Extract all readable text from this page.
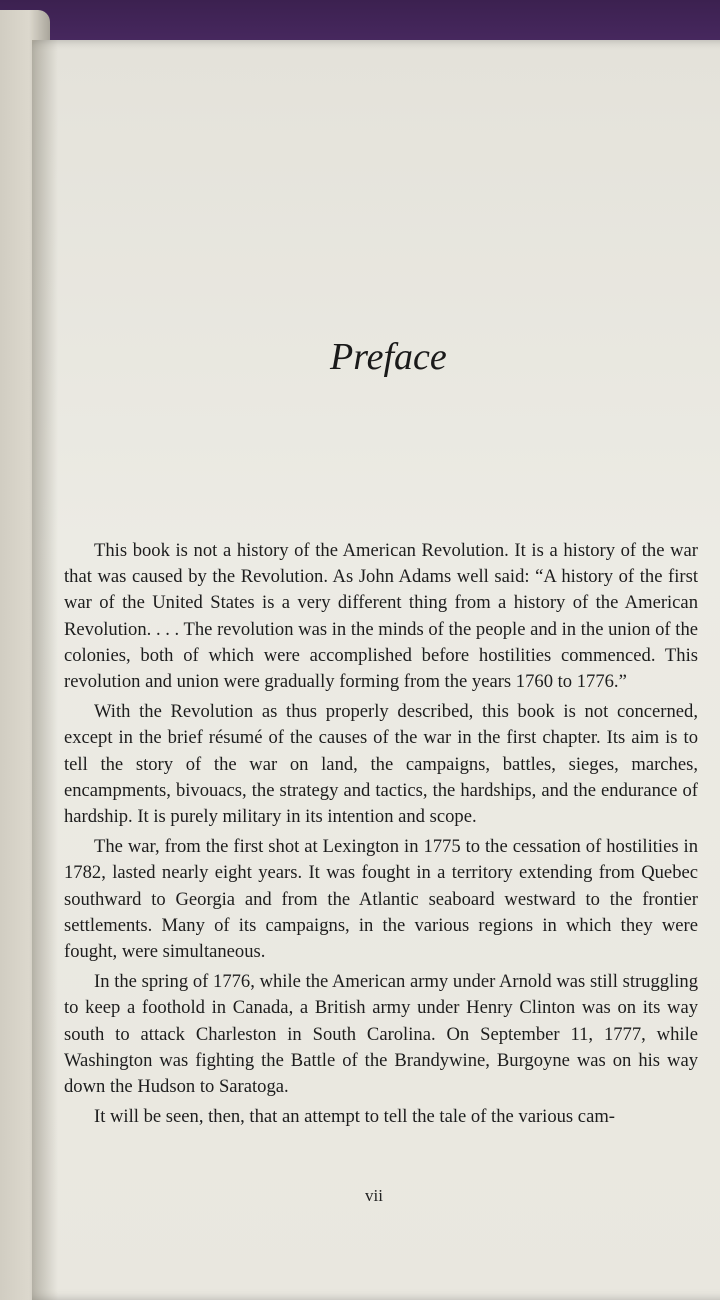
Preface

This book is not a history of the American Revolution. It is a history of the war that was caused by the Revolution. As John Adams well said: “A history of the first war of the United States is a very different thing from a history of the American Revolution. . . . The revolution was in the minds of the people and in the union of the colonies, both of which were accomplished before hostilities commenced. This revolution and union were gradually forming from the years 1760 to 1776.”

With the Revolution as thus properly described, this book is not concerned, except in the brief résumé of the causes of the war in the first chapter. Its aim is to tell the story of the war on land, the campaigns, battles, sieges, marches, encampments, bivouacs, the strategy and tactics, the hardships, and the endurance of hardship. It is purely military in its intention and scope.

The war, from the first shot at Lexington in 1775 to the cessation of hostilities in 1782, lasted nearly eight years. It was fought in a territory extending from Quebec southward to Georgia and from the Atlantic seaboard westward to the frontier settlements. Many of its campaigns, in the various regions in which they were fought, were simultaneous.

In the spring of 1776, while the American army under Arnold was still struggling to keep a foothold in Canada, a British army under Henry Clinton was on its way south to attack Charleston in South Carolina. On September 11, 1777, while Washington was fighting the Battle of the Brandywine, Burgoyne was on his way down the Hudson to Saratoga.

It will be seen, then, that an attempt to tell the tale of the various cam-

vii
